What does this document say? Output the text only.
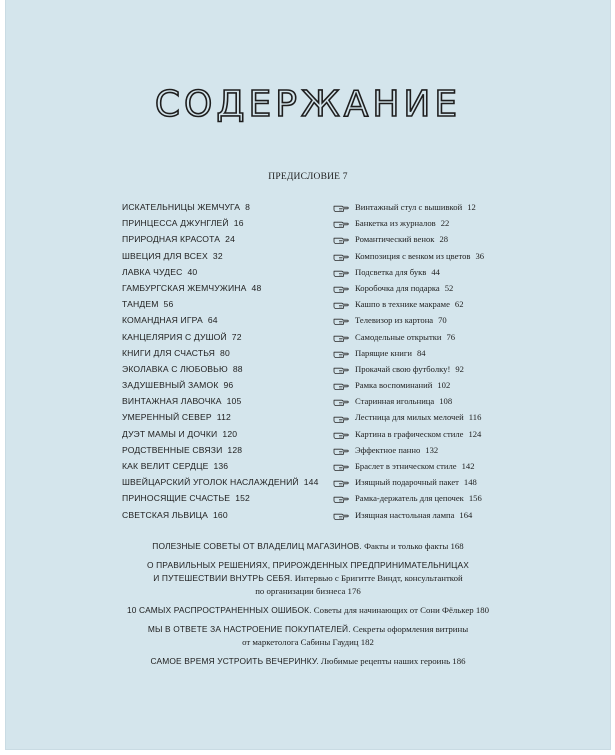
СОДЕРЖАНИЕ
ПРЕДИСЛОВИЕ 7
ИСКАТЕЛЬНИЦЫ ЖЕМЧУГА 8
ПРИНЦЕССА ДЖУНГЛЕЙ 16
ПРИРОДНАЯ КРАСОТА 24
ШВЕЦИЯ ДЛЯ ВСЕХ 32
ЛАВКА ЧУДЕС 40
ГАМБУРГСКАЯ ЖЕМЧУЖИНА 48
ТАНДЕМ 56
КОМАНДНАЯ ИГРА 64
КАНЦЕЛЯРИЯ С ДУШОЙ 72
КНИГИ ДЛЯ СЧАСТЬЯ 80
ЭКОЛАВКА С ЛЮБОВЬЮ 88
ЗАДУШЕВНЫЙ ЗАМОК 96
ВИНТАЖНАЯ ЛАВОЧКА 105
УМЕРЕННЫЙ СЕВЕР 112
ДУЭТ МАМЫ И ДОЧКИ 120
РОДСТВЕННЫЕ СВЯЗИ 128
КАК ВЕЛИТ СЕРДЦЕ 136
ШВЕЙЦАРСКИЙ УГОЛОК НАСЛАЖДЕНИЙ 144
ПРИНОСЯЩИЕ СЧАСТЬЕ 152
СВЕТСКАЯ ЛЬВИЦА 160
Винтажный стул с вышивкой 12
Банкетка из журналов 22
Романтический венок 28
Композиция с венком из цветов 36
Подсветка для букв 44
Коробочка для подарка 52
Кашпо в технике макраме 62
Телевизор из картона 70
Самодельные открытки 76
Парящие книги 84
Прокачай свою футболку! 92
Рамка воспоминаний 102
Старинная игольница 108
Лестница для милых мелочей 116
Картина в графическом стиле 124
Эффектное панно 132
Браслет в этническом стиле 142
Изящный подарочный пакет 148
Рамка-держатель для цепочек 156
Изящная настольная лампа 164
ПОЛЕЗНЫЕ СОВЕТЫ ОТ ВЛАДЕЛИЦ МАГАЗИНОВ. Факты и только факты 168
О ПРАВИЛЬНЫХ РЕШЕНИЯХ, ПРИРОЖДЕННЫХ ПРЕДПРИНИМАТЕЛЬНИЦАХ
И ПУТЕШЕСТВИИ ВНУТРЬ СЕБЯ. Интервью с Бригитте Виндт, консультанткой
по организации бизнеса 176
10 САМЫХ РАСПРОСТРАНЕННЫХ ОШИБОК. Советы для начинающих от Сони Фёлькер 180
МЫ В ОТВЕТЕ ЗА НАСТРОЕНИЕ ПОКУПАТЕЛЕЙ. Секреты оформления витрины
от маркетолога Сабины Гаудиц 182
САМОЕ ВРЕМЯ УСТРОИТЬ ВЕЧЕРИНКУ. Любимые рецепты наших героинь 186
